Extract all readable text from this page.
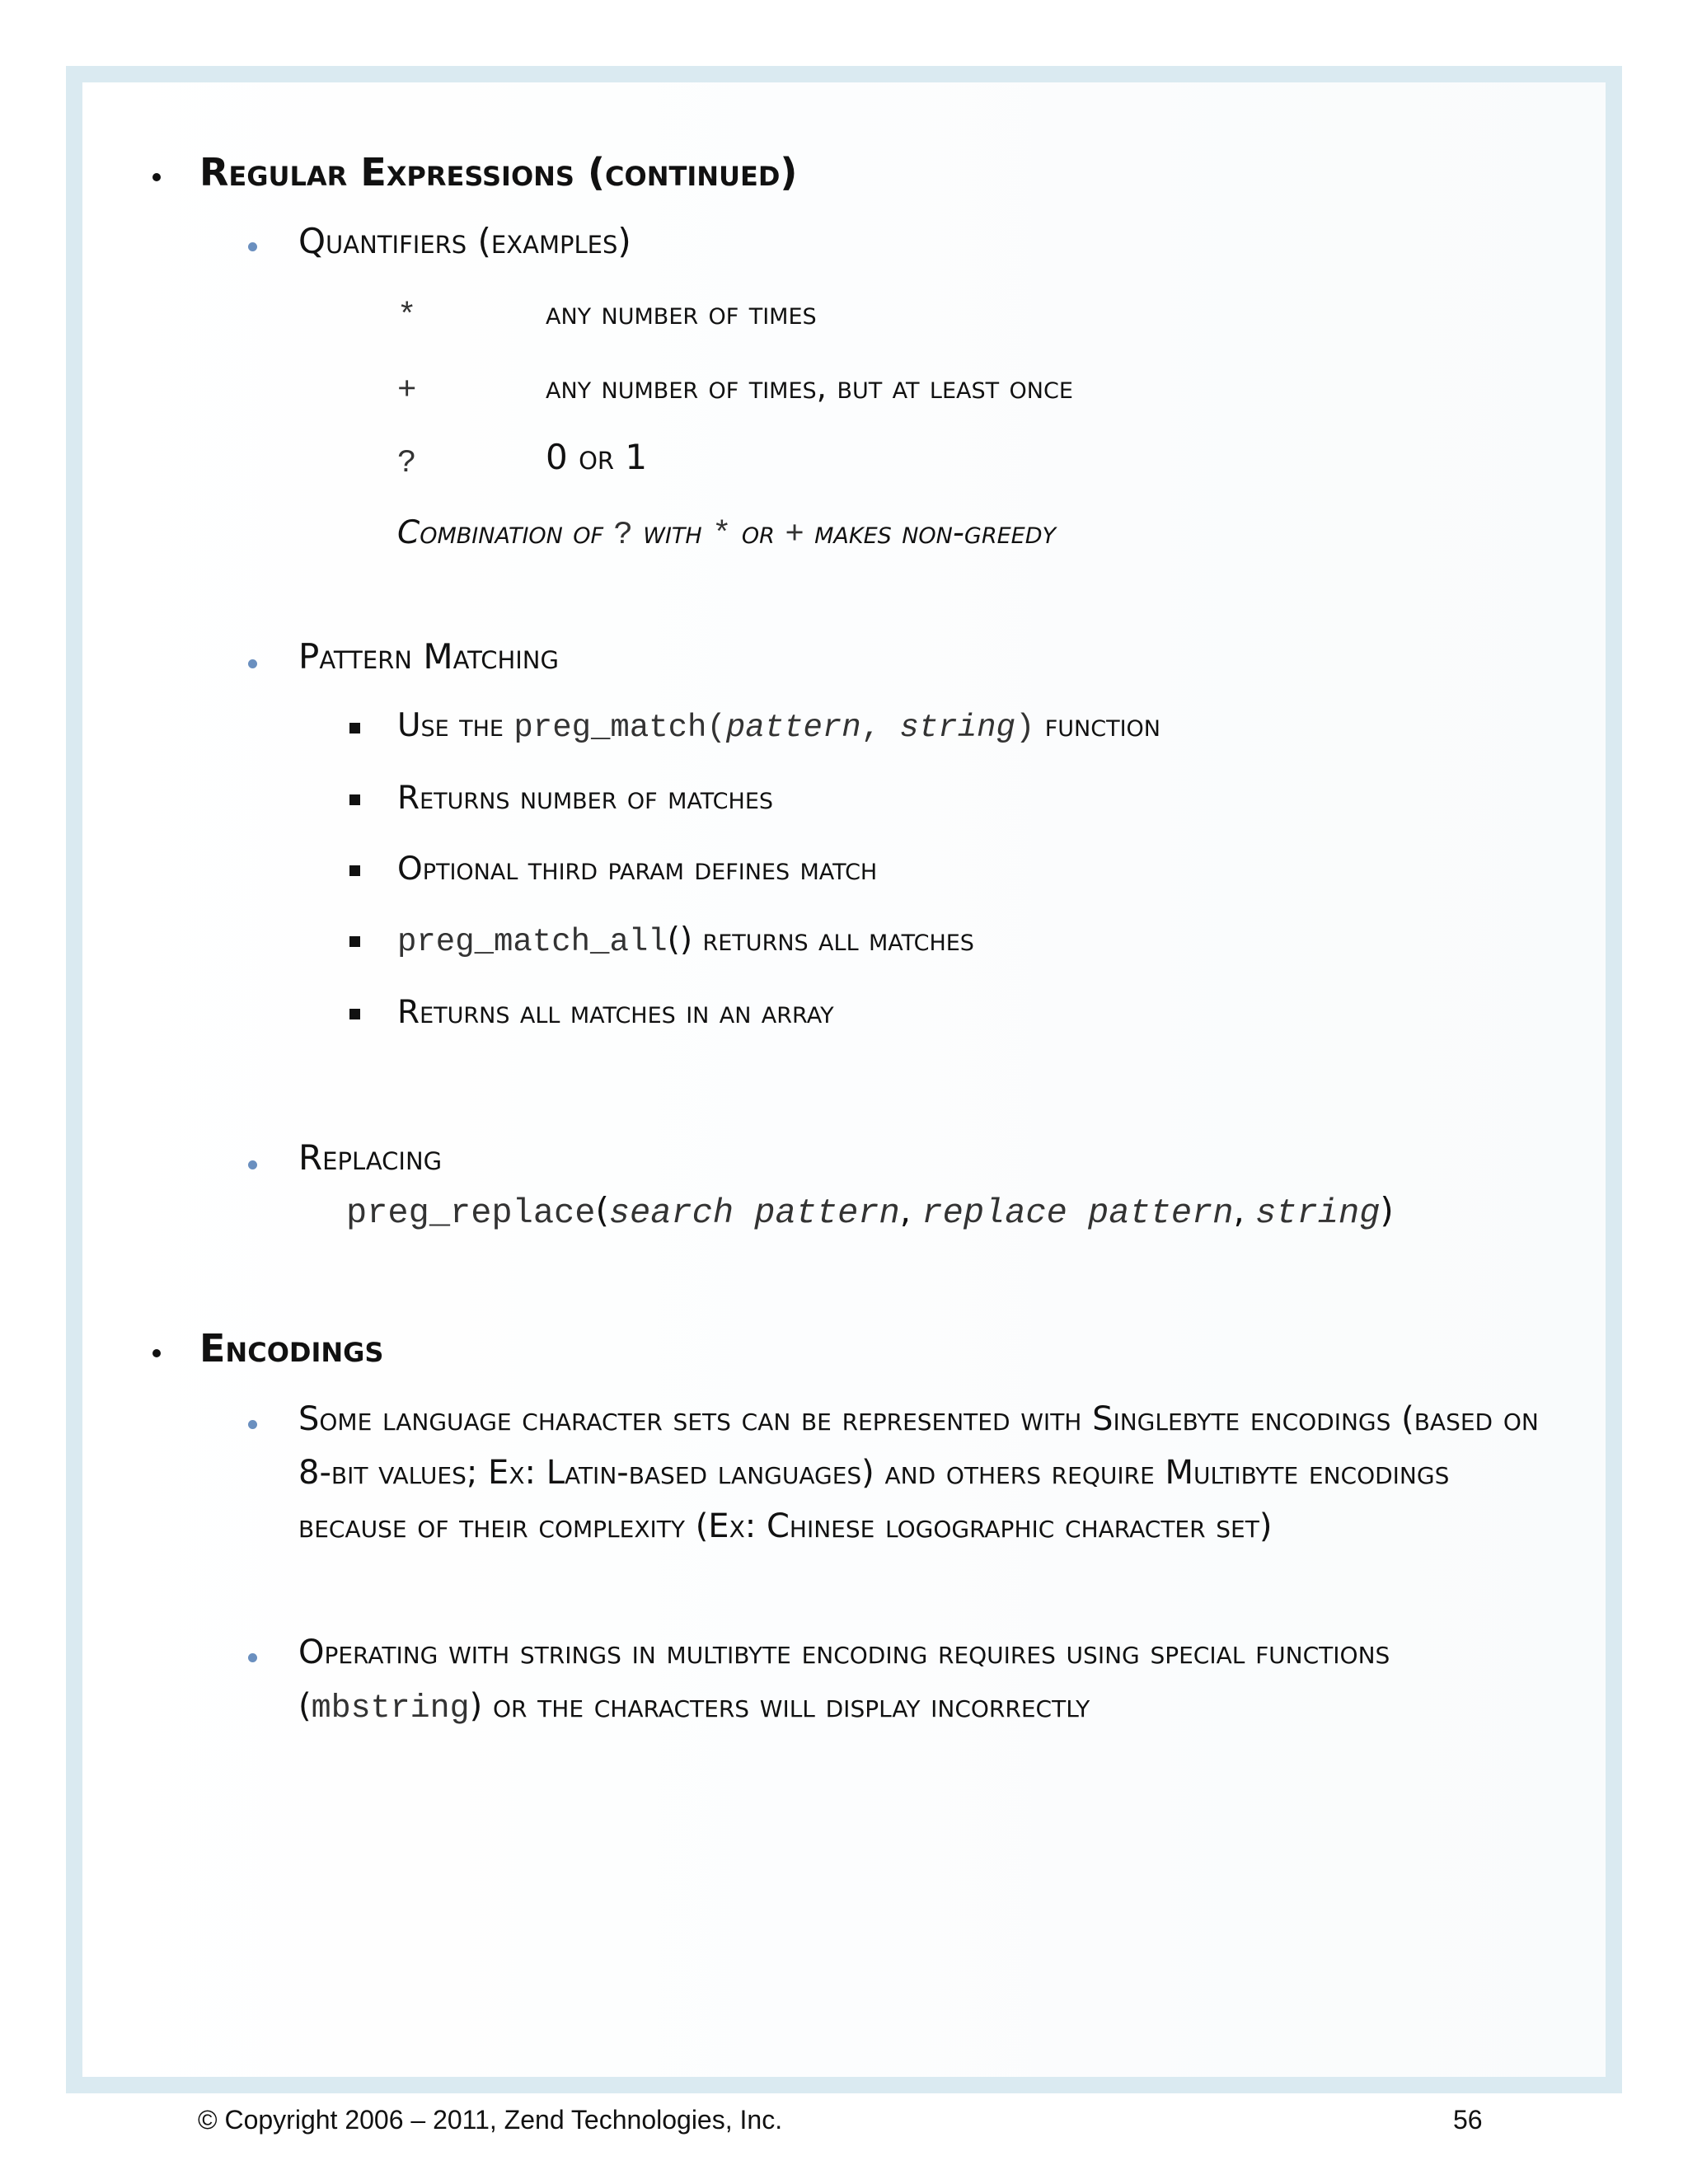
Regular Expressions (continued)
Quantifiers (examples)
*	any number of times
+	any number of times, but at least once
?	0 or 1
Combination of ? with * or + makes non-greedy
Pattern Matching
Use the preg_match(pattern, string) function
Returns number of matches
Optional third param defines match
preg_match_all() returns all matches
Returns all matches in an array
Replacing
preg_replace(search pattern, replace pattern, string)
Encodings
Some language character sets can be represented with Singlebyte encodings (based on 8-bit values; Ex: Latin-based languages) and others require Multibyte encodings because of their complexity (Ex: Chinese logographic character set)
Operating with strings in multibyte encoding requires using special functions (mbstring) or the characters will display incorrectly
© Copyright 2006 – 2011, Zend Technologies, Inc.	56
